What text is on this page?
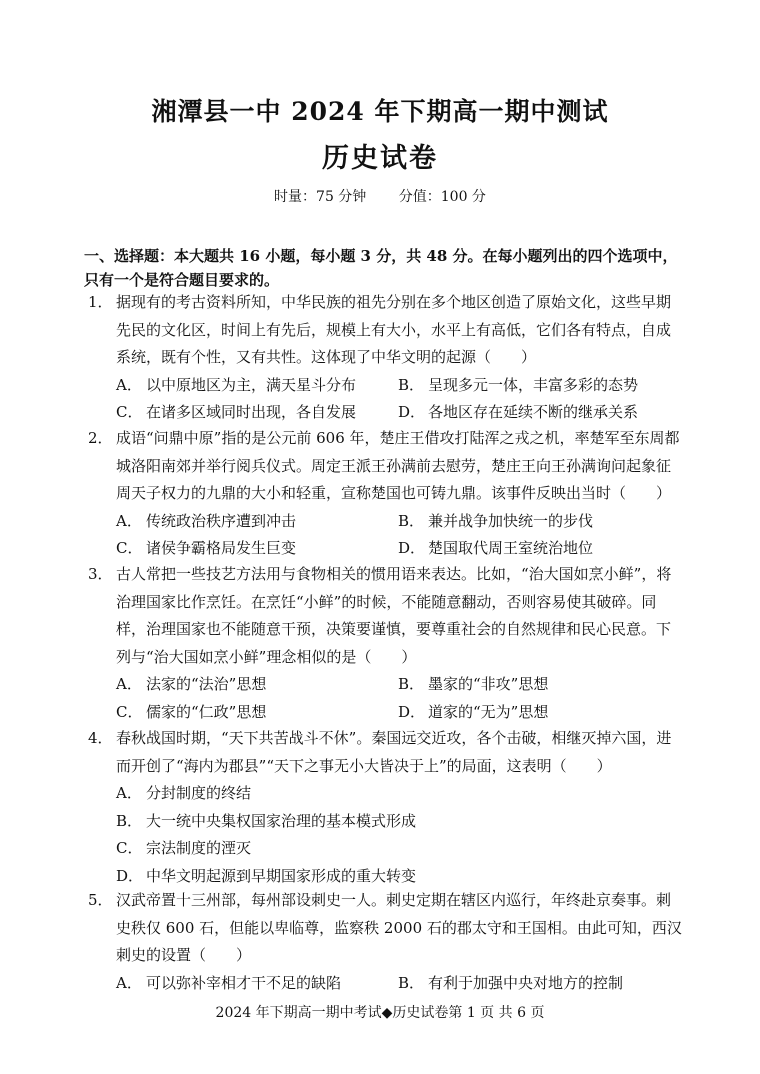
湘潭县一中 2024 年下期高一期中测试
历史试卷
时量：75 分钟 分值：100 分
一、选择题：本大题共 16 小题，每小题 3 分，共 48 分。在每小题列出的四个选项中，只有一个是符合题目要求的。
1． 据现有的考古资料所知，中华民族的祖先分别在多个地区创造了原始文化，这些早期先民的文化区，时间上有先后，规模上有大小，水平上有高低，它们各有特点，自成系统，既有个性，又有共性。这体现了中华文明的起源（　　）
A． 以中原地区为主，满天星斗分布	B． 呈现多元一体，丰富多彩的态势
C． 在诸多区域同时出现，各自发展	D． 各地区存在延续不断的继承关系
2． 成语“问鼎中原”指的是公元前 606 年，楚庄王借攻打陆浑之戎之机，率楚军至东周都城洛阳南郊并举行阅兵仪式。周定王派王孙满前去慰劳，楚庄王向王孙满询问起象征周天子权力的九鼎的大小和轻重，宣称楚国也可铸九鼎。该事件反映出当时（　　）
A． 传统政治秩序遭到冲击	B． 兼并战争加快统一的步伐
C． 诸侯争霸格局发生巨变	D． 楚国取代周王室统治地位
3． 古人常把一些技艺方法用与食物相关的惯用语来表达。比如，“治大国如烹小鲜”，将治理国家比作烹饪。在烹饪“小鲜”的时候，不能随意翻动，否则容易使其破碎。同样，治理国家也不能随意干预，决策要谨慎，要尊重社会的自然规律和民心民意。下列与“治大国如烹小鲜”理念相似的是（　　）
A． 法家的“法治”思想	B． 墨家的“非攻”思想
C． 儒家的“仁政”思想	D． 道家的“无为”思想
4． 春秋战国时期，“天下共苦战斗不休”。秦国远交近攻，各个击破，相继灭掉六国，进而开创了“海内为郡县”“天下之事无小大皆决于上”的局面，这表明（　　）
A． 分封制度的终结
B． 大一统中央集权国家治理的基本模式形成
C． 宗法制度的湮灭
D． 中华文明起源到早期国家形成的重大转变
5． 汉武帝置十三州部，每州部设刺史一人。刺史定期在辖区内巡行，年终赴京奏事。刺史秩仅 600 石，但能以卑临尊，监察秩 2000 石的郡太守和王国相。由此可知，西汉刺史的设置（　　）
A． 可以弥补宰相才干不足的缺陷	B． 有利于加强中央对地方的控制
2024 年下期高一期中考试◆历史试卷第 1 页 共 6 页
